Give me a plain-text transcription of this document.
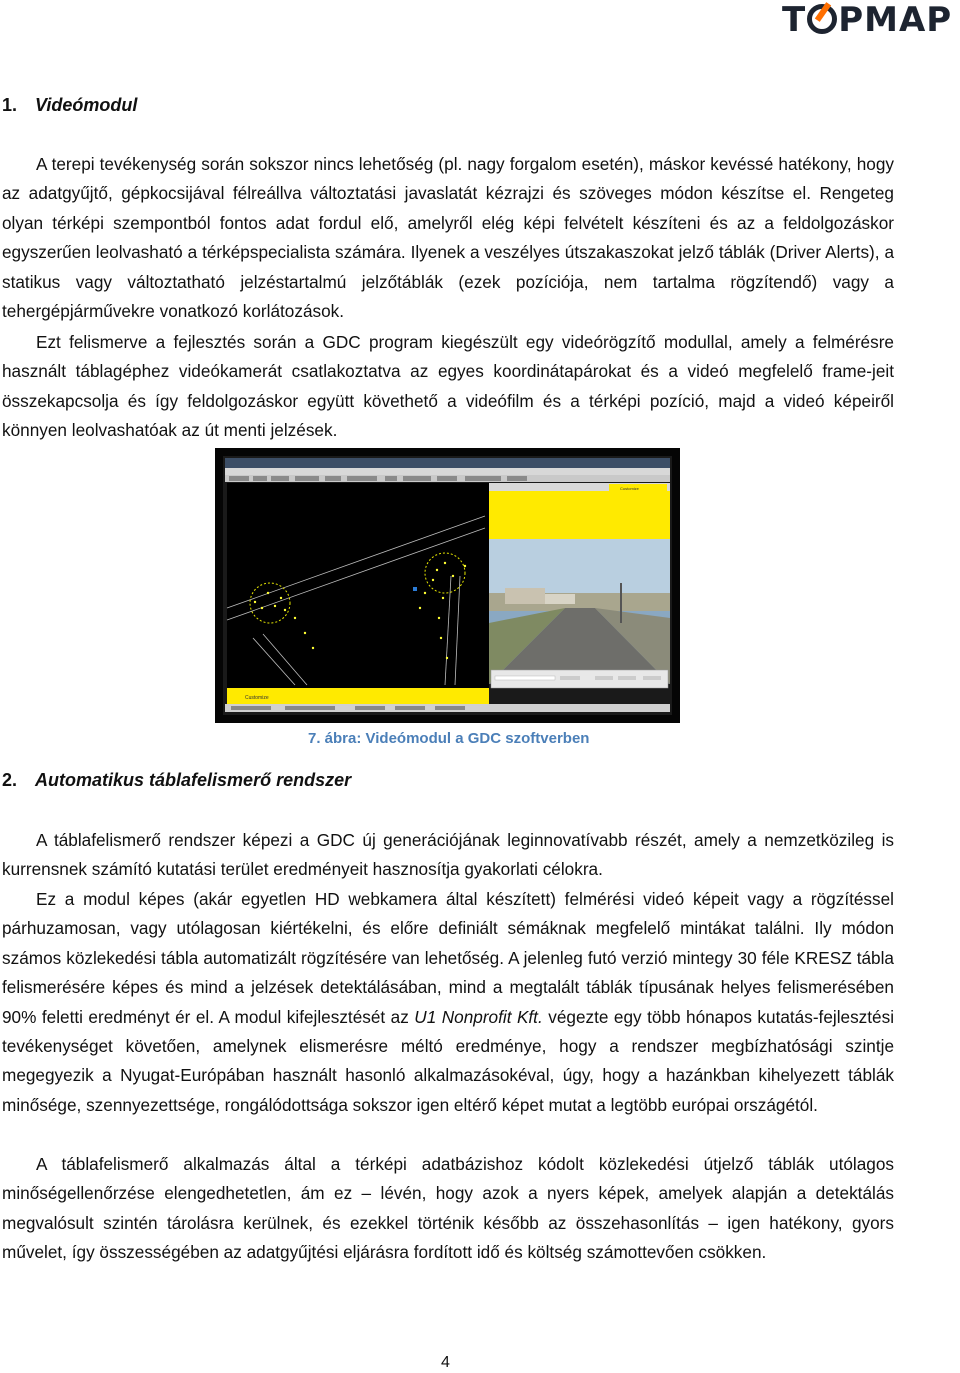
T PMAP
1. Videómodul

A terepi tevékenység során sokszor nincs lehetőség (pl. nagy forgalom esetén), máskor kevéssé hatékony, hogy az adatgyűjtő, gépkocsijával félreállva változtatási javaslatát kézrajzi és szöveges módon készítse el. Rengeteg olyan térképi szempontból fontos adat fordul elő, amelyről elég képi felvételt készíteni és az a feldolgozáskor egyszerűen leolvasható a térképspecialista számára. Ilyenek a veszélyes útszakaszokat jelző táblák (Driver Alerts), a statikus vagy változtatható jelzéstartalmú jelzőtáblák (ezek pozíciója, nem tartalma rögzítendő) vagy a tehergépjárművekre vonatkozó korlátozások.

Ezt felismerve a fejlesztés során a GDC program kiegészült egy videórögzítő modullal, amely a felmérésre használt táblagéphez videókamerát csatlakoztatva az egyes koordinátapárokat és a videó megfelelő frame-jeit összekapcsolja és így feldolgozáskor együtt követhető a videófilm és a térképi pozíció, majd a videó képeiről könnyen leolvashatóak az út menti jelzések.

Customize
Customize
7. ábra: Videómodul a GDC szoftverben
2. Automatikus táblafelismerő rendszer

A táblafelismerő rendszer képezi a GDC új generációjának leginnovatívabb részét, amely a nemzetközileg is kurrensnek számító kutatási terület eredményeit hasznosítja gyakorlati célokra.

Ez a modul képes (akár egyetlen HD webkamera által készített) felmérési videó képeit vagy a rögzítéssel párhuzamosan, vagy utólagosan kiértékelni, és előre definiált sémáknak megfelelő mintákat találni. Ily módon számos közlekedési tábla automatizált rögzítésére van lehetőség. A jelenleg futó verzió mintegy 30 féle KRESZ tábla felismerésére képes és mind a jelzések detektálásában, mind a megtalált táblák típusának helyes felismerésében 90% feletti eredményt ér el. A modul kifejlesztését az U1 Nonprofit Kft. végezte egy több hónapos kutatás-fejlesztési tevékenységet követően, amelynek elismerésre méltó eredménye, hogy a rendszer megbízhatósági szintje megegyezik a Nyugat-Európában használt hasonló alkalmazásokéval, úgy, hogy a hazánkban kihelyezett táblák minősége, szennyezettsége, rongálódottsága sokszor igen eltérő képet mutat a legtöbb európai országétól.

A táblafelismerő alkalmazás által a térképi adatbázishoz kódolt közlekedési útjelző táblák utólagos minőségellenőrzése elengedhetetlen, ám ez – lévén, hogy azok a nyers képek, amelyek alapján a detektálás megvalósult szintén tárolásra kerülnek, és ezekkel történik később az összehasonlítás – igen hatékony, gyors művelet, így összességében az adatgyűjtési eljárásra fordított idő és költség számottevően csökken.

4
